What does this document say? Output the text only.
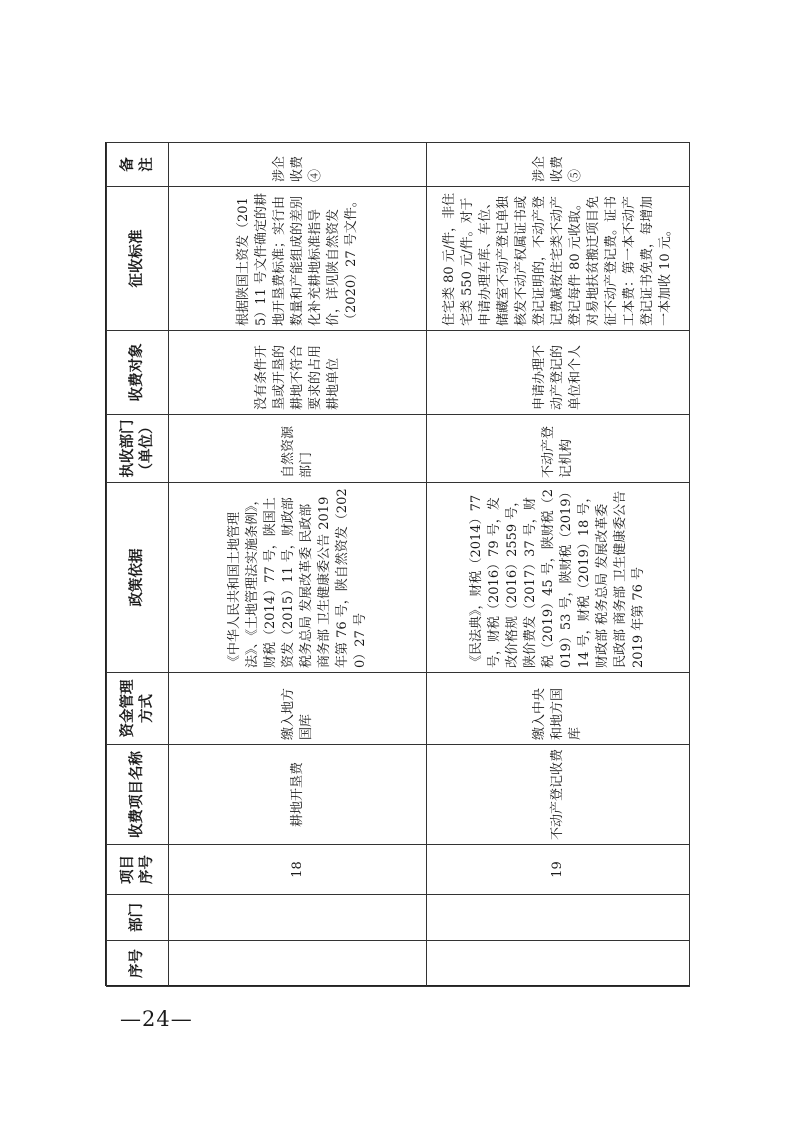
序号	部门	项目序号	收费项目名称	资金管理方式	政策依据	执收部门（单位）	收费对象	征收标准	备　注
		18	耕地开垦费	缴入地方国库	《中华人民共和国土地管理法》、《土地管理法实施条例》，财税（2014）77 号，陕国土资发（2015）11 号，财政部 税务总局 发展改革委 民政部 商务部 卫生健康委公告 2019 年第 76 号，陕自然资发（2020）27 号	自然资源部门	没有条件开垦或开垦的耕地不符合要求的占用耕地单位	根据陕国土资发（2015）11 号文件确定的耕地开垦费标准；实行由数量和产能组成的差别化补充耕地标准指导价，详见陕自然资发（2020）27 号文件。	涉企收费④
		19	不动产登记收费	缴入中央和地方国库	《民法典》，财税（2014）77 号，财税（2016）79 号，发改价格规（2016）2559 号，陕价费发（2017）37 号，财税（2019）45 号，陕财税（2019）53 号，陕财税（2019）14 号，财税（2019）18 号，财政部 税务总局 发展改革委 民政部 商务部 卫生健康委公告 2019 年第 76 号	不动产登记机构	申请办理不动产登记的单位和个人	住宅类 80 元/件，非住宅类 550 元/件。对于申请办理车库、车位、储藏室不动产登记单独核发不动产权属证书或登记证明的，不动产登记费减按住宅类不动产登记每件 80 元收取。对易地扶贫搬迁项目免征不动产登记费。证书工本费：第一本不动产登记证书免费，每增加一本加收 10 元。	涉企收费⑤
—24—
